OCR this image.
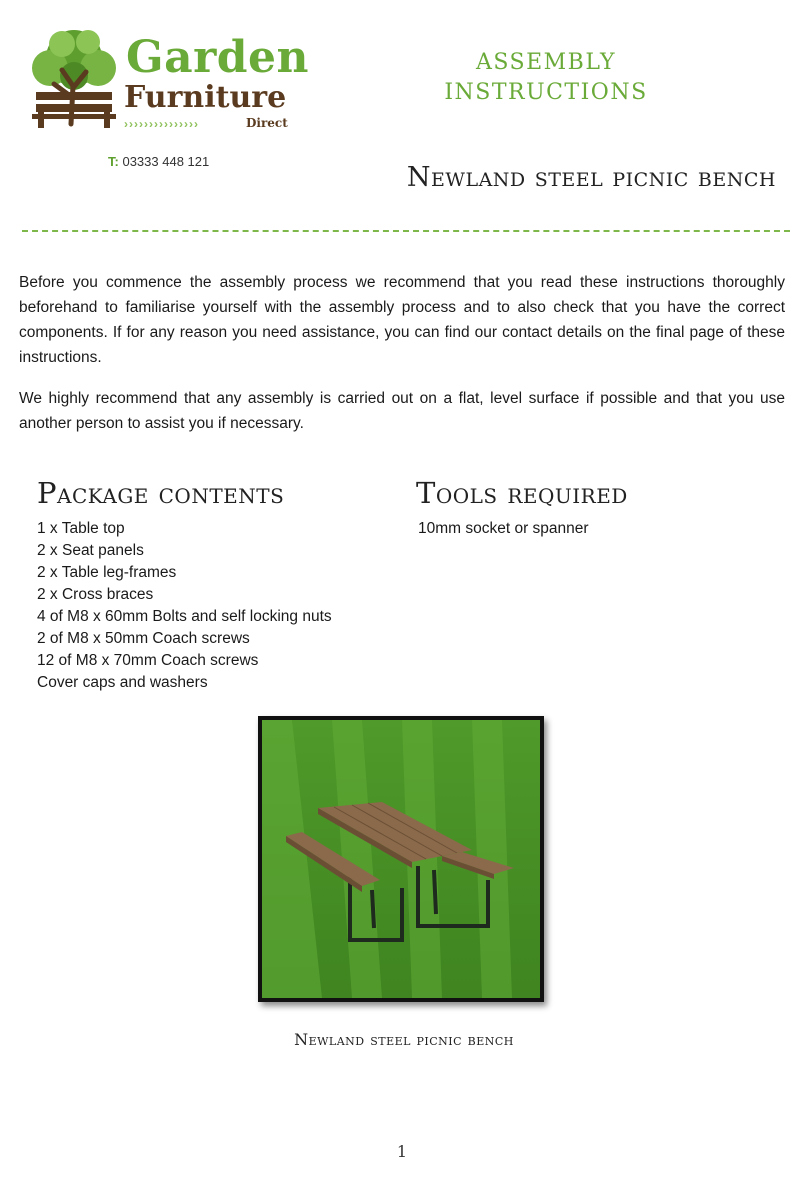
Garden
Furniture
› › › › › › › › › › › › › › ›	Direct
T: 03333 448 121
ASSEMBLY INSTRUCTIONS
Newland steel picnic bench
Before you commence the assembly process we recommend that you read these instructions thoroughly beforehand to familiarise yourself with the assembly process and to also check that you have the correct components. If for any reason you need assistance, you can find our contact details on the final page of these instructions.
We highly recommend that any assembly is carried out on a flat, level surface if possible and that you use another person to assist you if necessary.
Package contents	Tools required
1 x Table top
2 x Seat panels
2 x Table leg-frames
2 x Cross braces
4 of M8 x 60mm Bolts and self locking nuts
2 of M8 x 50mm Coach screws
12 of M8 x 70mm Coach screws
Cover caps and washers
10mm socket or spanner
Newland steel picnic bench
1
